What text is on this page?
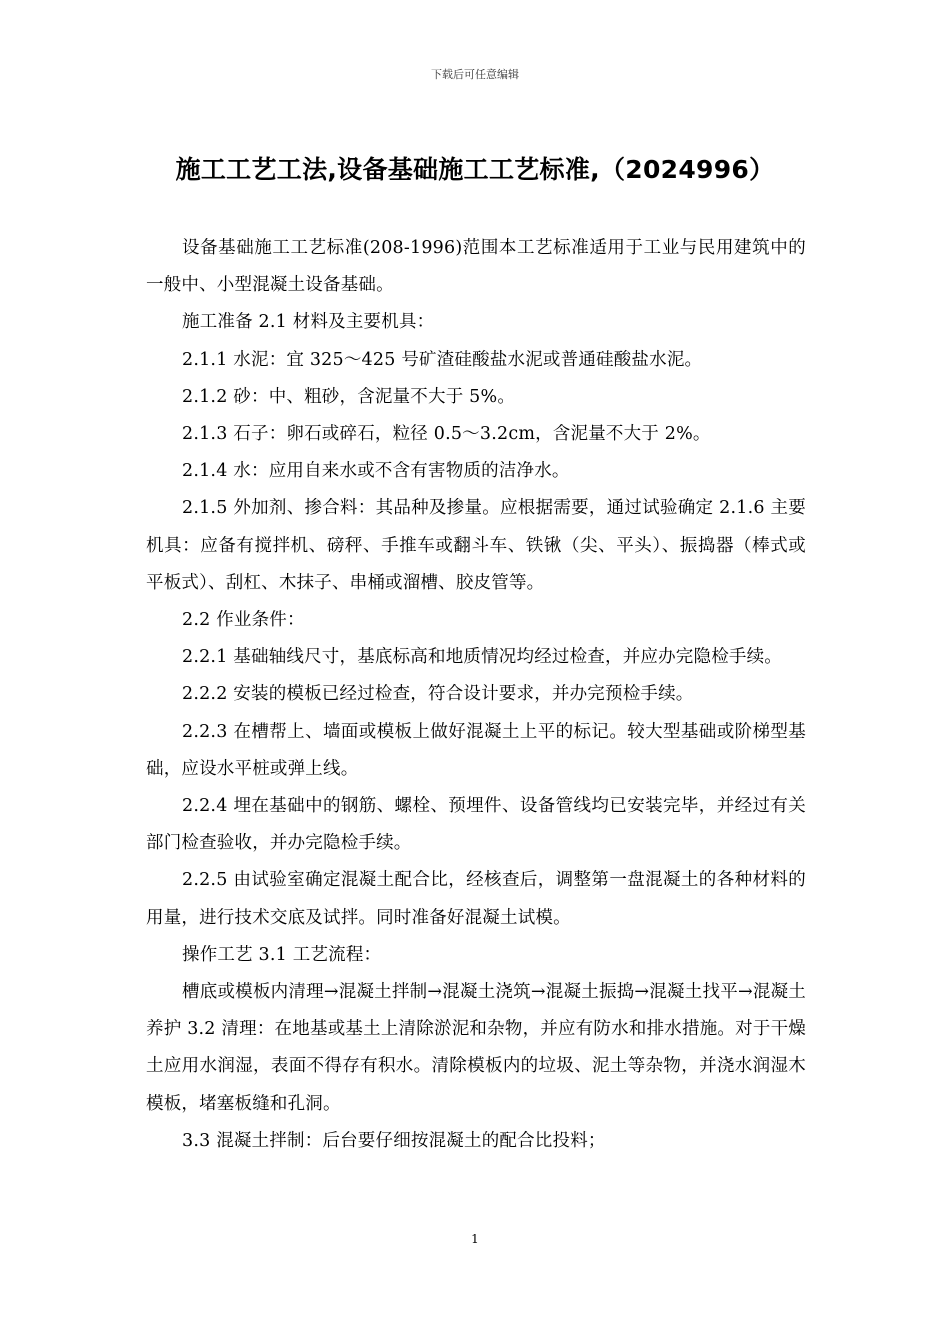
下载后可任意编辑
施工工艺工法,设备基础施工工艺标准,（2024996）

设备基础施工工艺标准(208-1996)范围本工艺标准适用于工业与民用建筑中的一般中、小型混凝土设备基础。

施工准备 2.1 材料及主要机具：

2.1.1 水泥：宜 325～425 号矿渣硅酸盐水泥或普通硅酸盐水泥。

2.1.2 砂：中、粗砂，含泥量不大于 5%。

2.1.3 石子：卵石或碎石，粒径 0.5～3.2cm，含泥量不大于 2%。

2.1.4 水：应用自来水或不含有害物质的洁净水。

2.1.5 外加剂、掺合料：其品种及掺量。应根据需要，通过试验确定 2.1.6 主要机具：应备有搅拌机、磅秤、手推车或翻斗车、铁锹（尖、平头）、振捣器（棒式或平板式）、刮杠、木抹子、串桶或溜槽、胶皮管等。

2.2 作业条件：

2.2.1 基础轴线尺寸，基底标高和地质情况均经过检查，并应办完隐检手续。

2.2.2 安装的模板已经过检查，符合设计要求，并办完预检手续。

2.2.3 在槽帮上、墙面或模板上做好混凝土上平的标记。较大型基础或阶梯型基础，应设水平桩或弹上线。

2.2.4 埋在基础中的钢筋、螺栓、预埋件、设备管线均已安装完毕，并经过有关部门检查验收，并办完隐检手续。

2.2.5 由试验室确定混凝土配合比，经核查后，调整第一盘混凝土的各种材料的用量，进行技术交底及试拌。同时准备好混凝土试模。

操作工艺 3.1 工艺流程：

槽底或模板内清理→混凝土拌制→混凝土浇筑→混凝土振捣→混凝土找平→混凝土养护 3.2 清理：在地基或基土上清除淤泥和杂物，并应有防水和排水措施。对于干燥土应用水润湿，表面不得存有积水。清除模板内的垃圾、泥土等杂物，并浇水润湿木模板，堵塞板缝和孔洞。

3.3 混凝土拌制：后台要仔细按混凝土的配合比投料；

1
